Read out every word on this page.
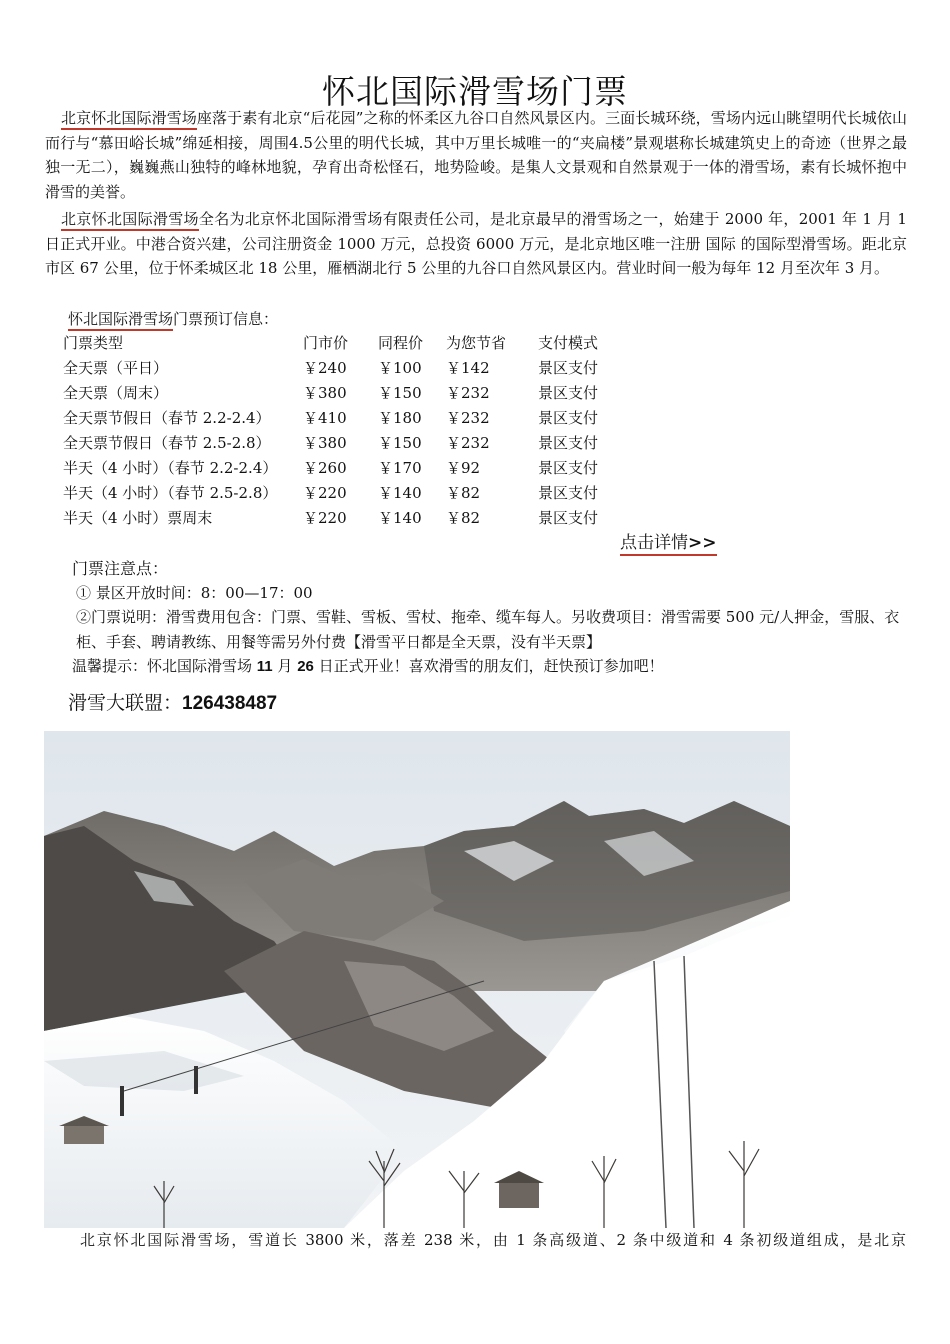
怀北国际滑雪场门票

北京怀北国际滑雪场座落于素有北京“后花园”之称的怀柔区九谷口自然风景区内。三面长城环绕，雪场内远山眺望明代长城依山而行与“慕田峪长城”绵延相接，周围4.5公里的明代长城，其中万里长城唯一的“夹扁楼”景观堪称长城建筑史上的奇迹（世界之最独一无二），巍巍燕山独特的峰林地貌，孕育出奇松怪石，地势险峻。是集人文景观和自然景观于一体的滑雪场，素有长城怀抱中滑雪的美誉。

北京怀北国际滑雪场全名为北京怀北国际滑雪场有限责任公司，是北京最早的滑雪场之一，始建于 2000 年，2001 年 1 月 1 日正式开业。中港合资兴建，公司注册资金 1000 万元，总投资 6000 万元，是北京地区唯一注册 国际 的国际型滑雪场。距北京市区 67 公里，位于怀柔城区北 18 公里，雁栖湖北行 5 公里的九谷口自然风景区内。营业时间一般为每年 12 月至次年 3 月。

怀北国际滑雪场门票预订信息：
门票类型	门市价	同程价	为您节省	支付模式
全天票（平日）	￥240	￥100	￥142	景区支付
全天票（周末）	￥380	￥150	￥232	景区支付
全天票节假日（春节 2.2-2.4）	￥410	￥180	￥232	景区支付
全天票节假日（春节 2.5-2.8）	￥380	￥150	￥232	景区支付
半天（4 小时）（春节 2.2-2.4）	￥260	￥170	￥92	景区支付
半天（4 小时）（春节 2.5-2.8）	￥220	￥140	￥82	景区支付
半天（4 小时）票周末	￥220	￥140	￥82	景区支付
点击详情>>
门票注意点：
① 景区开放时间：8：00—17：00
②门票说明：滑雪费用包含：门票、雪鞋、雪板、雪杖、拖牵、缆车每人。另收费项目：滑雪需要 500 元/人押金，雪服、衣柜、手套、聘请教练、用餐等需另外付费【滑雪平日都是全天票，没有半天票】
温馨提示：怀北国际滑雪场 11 月 26 日正式开业！喜欢滑雪的朋友们，赶快预订参加吧！
滑雪大联盟：126438487
北京怀北国际滑雪场，雪道长 3800 米，落差 238 米，由 1 条高级道、2 条中级道和 4 条初级道组成，是北京
